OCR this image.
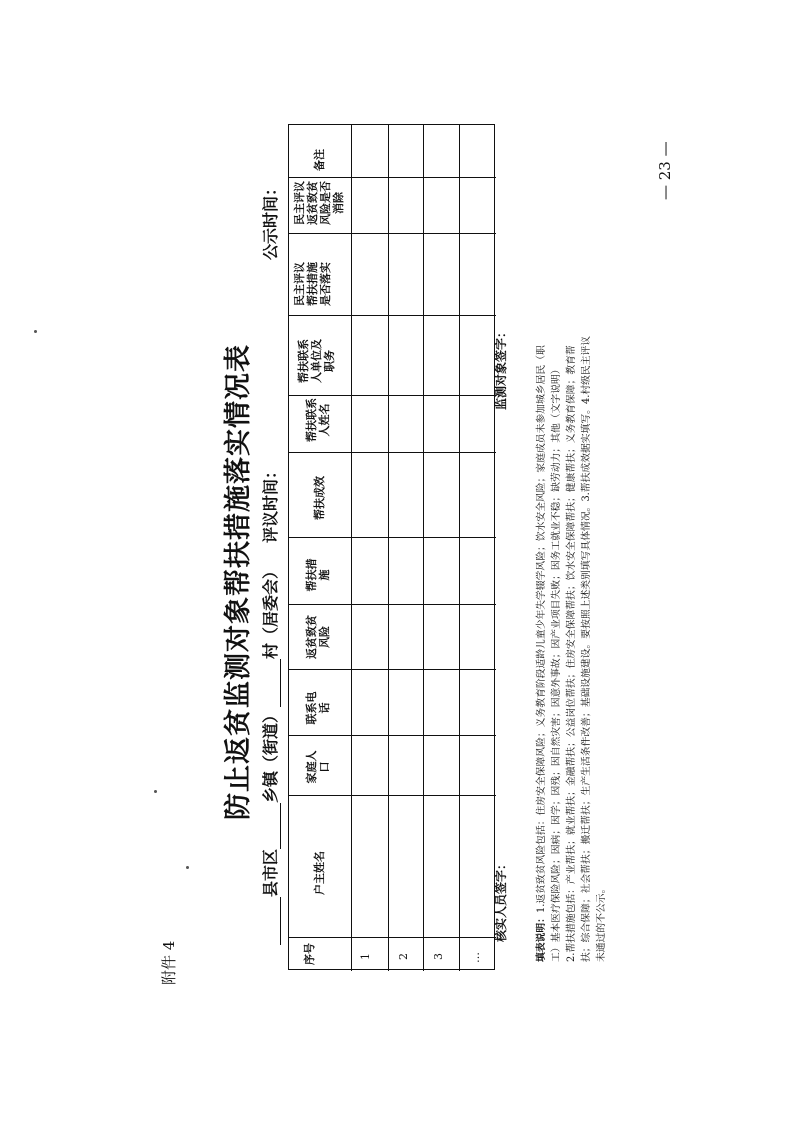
附件 4
防止返贫监测对象帮扶措施落实情况表
县市区乡镇（街道）村（居委会）评议时间：
公示时间：
序号
户主姓名
家庭人口
联系电话
返贫致贫风险
帮扶措施
帮扶成效
帮扶联系人姓名
帮扶联系人单位及职务
民主评议帮扶措施是否落实
民主评议返贫致贫风险是否消除
备注
1 2 3 …
核实人员签字：
监测对象签字：
填表说明：1.返贫致贫风险包括：住房安全保障风险；义务教育阶段适龄儿童少年失学辍学风险；饮水安全风险；家庭成员未参加城乡居民（职 工）基本医疗保险风险；因病；因学；因残；因自然灾害；因意外事故；因产业项目失败；因务工就业不稳；缺劳动力；其他（文字说明） 2.帮扶措施包括：产业帮扶；就业帮扶；金融帮扶；公益岗位帮扶；住房安全保障帮扶；饮水安全保障帮扶；健康帮扶；义务教育保障；教育帮 扶；综合保障；社会帮扶；搬迁帮扶；生产生活条件改善；基础设施建设。要按照上述类别填写具体情况。3.帮扶成效据实填写。4.村级民主评议 未通过的不公示。
— 23 —
